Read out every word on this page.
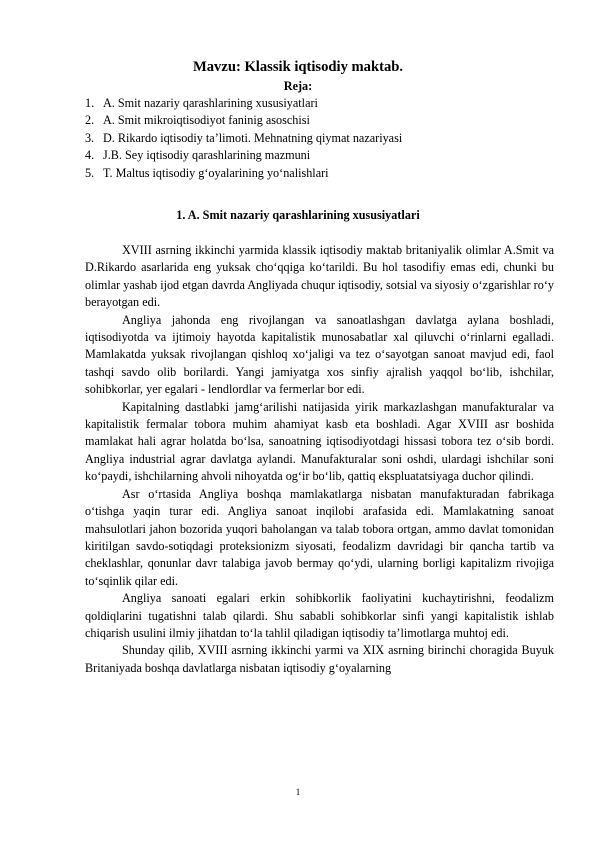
Mavzu: Klassik iqtisodiy maktab.
Reja:
1. A. Smit nazariy qarashlarining xususiyatlari
2. A. Smit mikroiqtisodiyot faninig asoschisi
3. D. Rikardo iqtisodiy ta’limoti. Mehnatning qiymat nazariyasi
4. J.B. Sey iqtisodiy qarashlarining mazmuni
5. T. Maltus iqtisodiy g‘oyalarining yo‘nalishlari
1. A. Smit nazariy qarashlarining xususiyatlari

XVIII asrning ikkinchi yarmida klassik iqtisodiy maktab britaniyalik olimlar A.Smit va D.Rikardo asarlarida eng yuksak cho‘qqiga ko‘tarildi. Bu hol tasodifiy emas edi, chunki bu olimlar yashab ijod etgan davrda Angliyada chuqur iqtisodiy, sotsial va siyosiy o‘zgarishlar ro‘y berayotgan edi.

Angliya jahonda eng rivojlangan va sanoatlashgan davlatga aylana boshladi, iqtisodiyotda va ijtimoiy hayotda kapitalistik munosabatlar xal qiluvchi o‘rinlarni egalladi. Mamlakatda yuksak rivojlangan qishloq xo‘jaligi va tez o‘sayotgan sanoat mavjud edi, faol tashqi savdo olib borilardi. Yangi jamiyatga xos sinfiy ajralish yaqqol bo‘lib, ishchilar, sohibkorlar, yer egalari - lendlordlar va fermerlar bor edi.

Kapitalning dastlabki jamg‘arilishi natijasida yirik markazlashgan manufakturalar va kapitalistik fermalar tobora muhim ahamiyat kasb eta boshladi. Agar XVIII asr boshida mamlakat hali agrar holatda bo‘lsa, sanoatning iqtisodiyotdagi hissasi tobora tez o‘sib bordi. Angliya industrial agrar davlatga aylandi. Manufakturalar soni oshdi, ulardagi ishchilar soni ko‘paydi, ishchilarning ahvoli nihoyatda og‘ir bo‘lib, qattiq ekspluatatsiyaga duchor qilindi.

Asr o‘rtasida Angliya boshqa mamlakatlarga nisbatan manufakturadan fabrikaga o‘tishga yaqin turar edi. Angliya sanoat inqilobi arafasida edi. Mamlakatning sanoat mahsulotlari jahon bozorida yuqori baholangan va talab tobora ortgan, ammo davlat tomonidan kiritilgan savdo-sotiqdagi proteksionizm siyosati, feodalizm davridagi bir qancha tartib va cheklashlar, qonunlar davr talabiga javob bermay qo‘ydi, ularning borligi kapitalizm rivojiga to‘sqinlik qilar edi.

Angliya sanoati egalari erkin sohibkorlik faoliyatini kuchaytirishni, feodalizm qoldiqlarini tugatishni talab qilardi. Shu sababli sohibkorlar sinfi yangi kapitalistik ishlab chiqarish usulini ilmiy jihatdan to‘la tahlil qiladigan iqtisodiy ta’limotlarga muhtoj edi.

Shunday qilib, XVIII asrning ikkinchi yarmi va XIX asrning birinchi choragida Buyuk Britaniyada boshqa davlatlarga nisbatan iqtisodiy g‘oyalarning

1
